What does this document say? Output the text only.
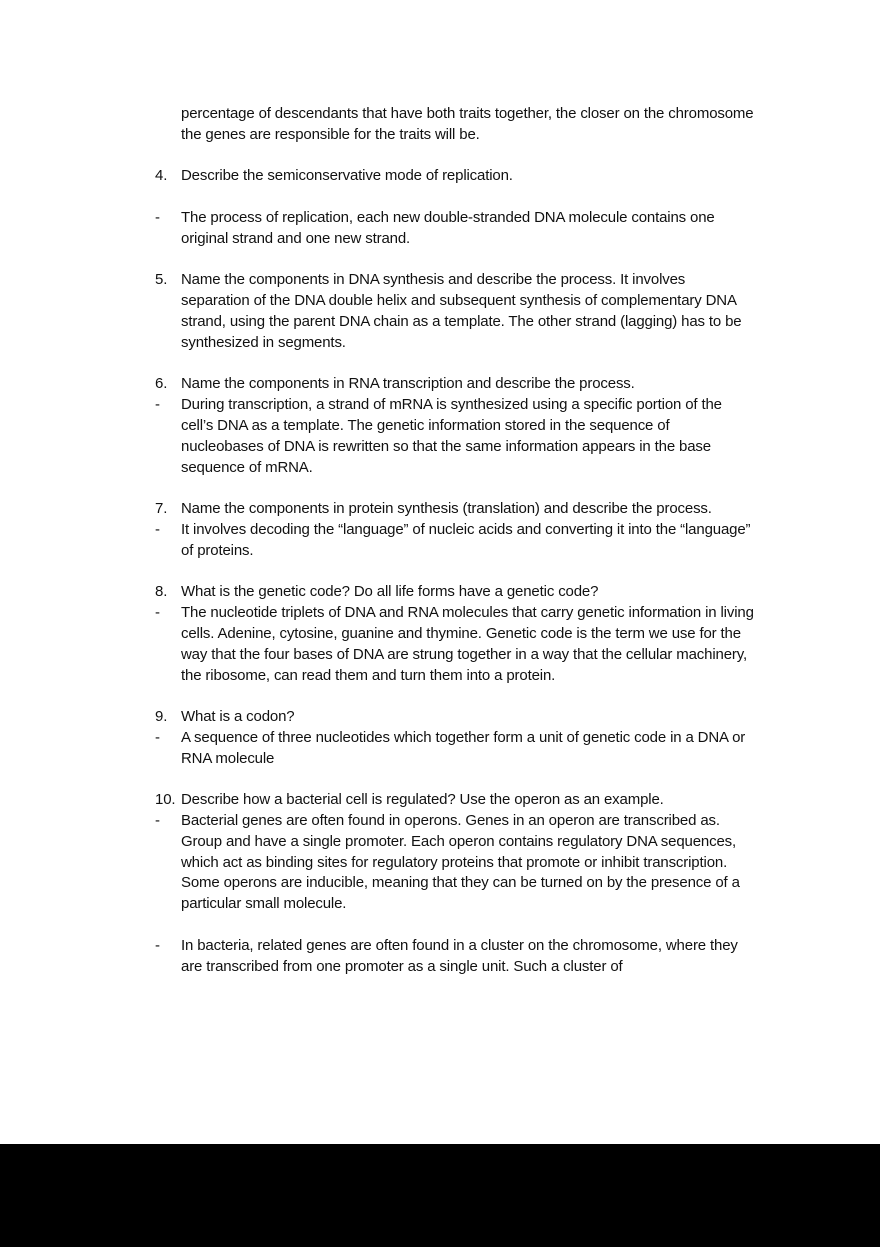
percentage of descendants that have both traits together, the closer on the chromosome the genes are responsible for the traits will be.
4. Describe the semiconservative mode of replication.
-	The process of replication, each new double-stranded DNA molecule contains one original strand and one new strand.
5. Name the components in DNA synthesis and describe the process. It involves separation of the DNA double helix and subsequent synthesis of complementary DNA strand, using the parent DNA chain as a template. The other strand (lagging) has to be synthesized in segments.
6. Name the components in RNA transcription and describe the process.
-	During transcription, a strand of mRNA is synthesized using a specific portion of the cell’s DNA as a template. The genetic information stored in the sequence of nucleobases of DNA is rewritten so that the same information appears in the base sequence of mRNA.
7. Name the components in protein synthesis (translation) and describe the process.
-	It involves decoding the “language” of nucleic acids and converting it into the “language” of proteins.
8. What is the genetic code? Do all life forms have a genetic code?
-	The nucleotide triplets of DNA and RNA molecules that carry genetic information in living cells. Adenine, cytosine, guanine and thymine. Genetic code is the term we use for the way that the four bases of DNA are strung together in a way that the cellular machinery, the ribosome, can read them and turn them into a protein.
9. What is a codon?
-	A sequence of three nucleotides which together form a unit of genetic code in a DNA or RNA molecule
10. Describe how a bacterial cell is regulated? Use the operon as an example.
-	Bacterial genes are often found in operons. Genes in an operon are transcribed as. Group and have a single promoter. Each operon contains regulatory DNA sequences, which act as binding sites for regulatory proteins that promote or inhibit transcription. Some operons are inducible, meaning that they can be turned on by the presence of a particular small molecule.
-	In bacteria, related genes are often found in a cluster on the chromosome, where they are transcribed from one promoter as a single unit. Such a cluster of
